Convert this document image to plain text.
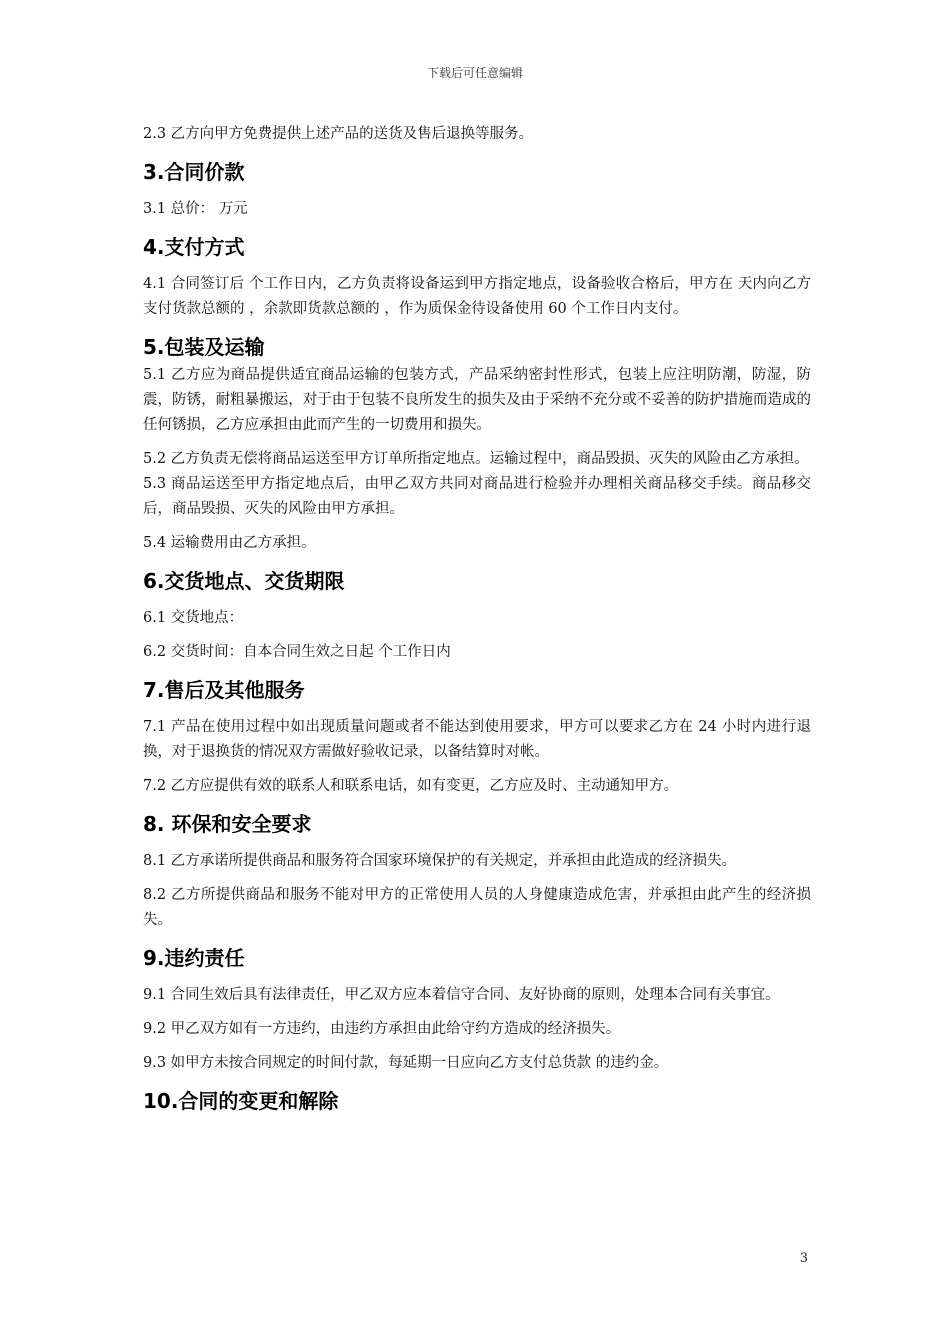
下载后可任意编辑

2.3 乙方向甲方免费提供上述产品的送货及售后退换等服务。

3.合同价款

3.1 总价： 万元

4.支付方式

4.1 合同签订后 个工作日内，乙方负责将设备运到甲方指定地点，设备验收合格后，甲方在 天内向乙方支付货款总额的 ，余款即货款总额的 ，作为质保金待设备使用 60 个工作日内支付。

5.包装及运输

5.1 乙方应为商品提供适宜商品运输的包装方式，产品采纳密封性形式，包装上应注明防潮，防湿，防震，防锈，耐粗暴搬运，对于由于包装不良所发生的损失及由于采纳不充分或不妥善的防护措施而造成的任何锈损，乙方应承担由此而产生的一切费用和损失。

5.2 乙方负责无偿将商品运送至甲方订单所指定地点。运输过程中，商品毁损、灭失的风险由乙方承担。

5.3 商品运送至甲方指定地点后，由甲乙双方共同对商品进行检验并办理相关商品移交手续。商品移交后，商品毁损、灭失的风险由甲方承担。

5.4 运输费用由乙方承担。

6.交货地点、交货期限

6.1 交货地点：

6.2 交货时间：自本合同生效之日起 个工作日内

7.售后及其他服务

7.1 产品在使用过程中如出现质量问题或者不能达到使用要求，甲方可以要求乙方在 24 小时内进行退换，对于退换货的情况双方需做好验收记录，以备结算时对帐。

7.2 乙方应提供有效的联系人和联系电话，如有变更，乙方应及时、主动通知甲方。

8. 环保和安全要求

8.1 乙方承诺所提供商品和服务符合国家环境保护的有关规定，并承担由此造成的经济损失。

8.2 乙方所提供商品和服务不能对甲方的正常使用人员的人身健康造成危害，并承担由此产生的经济损失。

9.违约责任

9.1 合同生效后具有法律责任，甲乙双方应本着信守合同、友好协商的原则，处理本合同有关事宜。

9.2 甲乙双方如有一方违约，由违约方承担由此给守约方造成的经济损失。

9.3 如甲方未按合同规定的时间付款，每延期一日应向乙方支付总货款 的违约金。

10.合同的变更和解除
3
